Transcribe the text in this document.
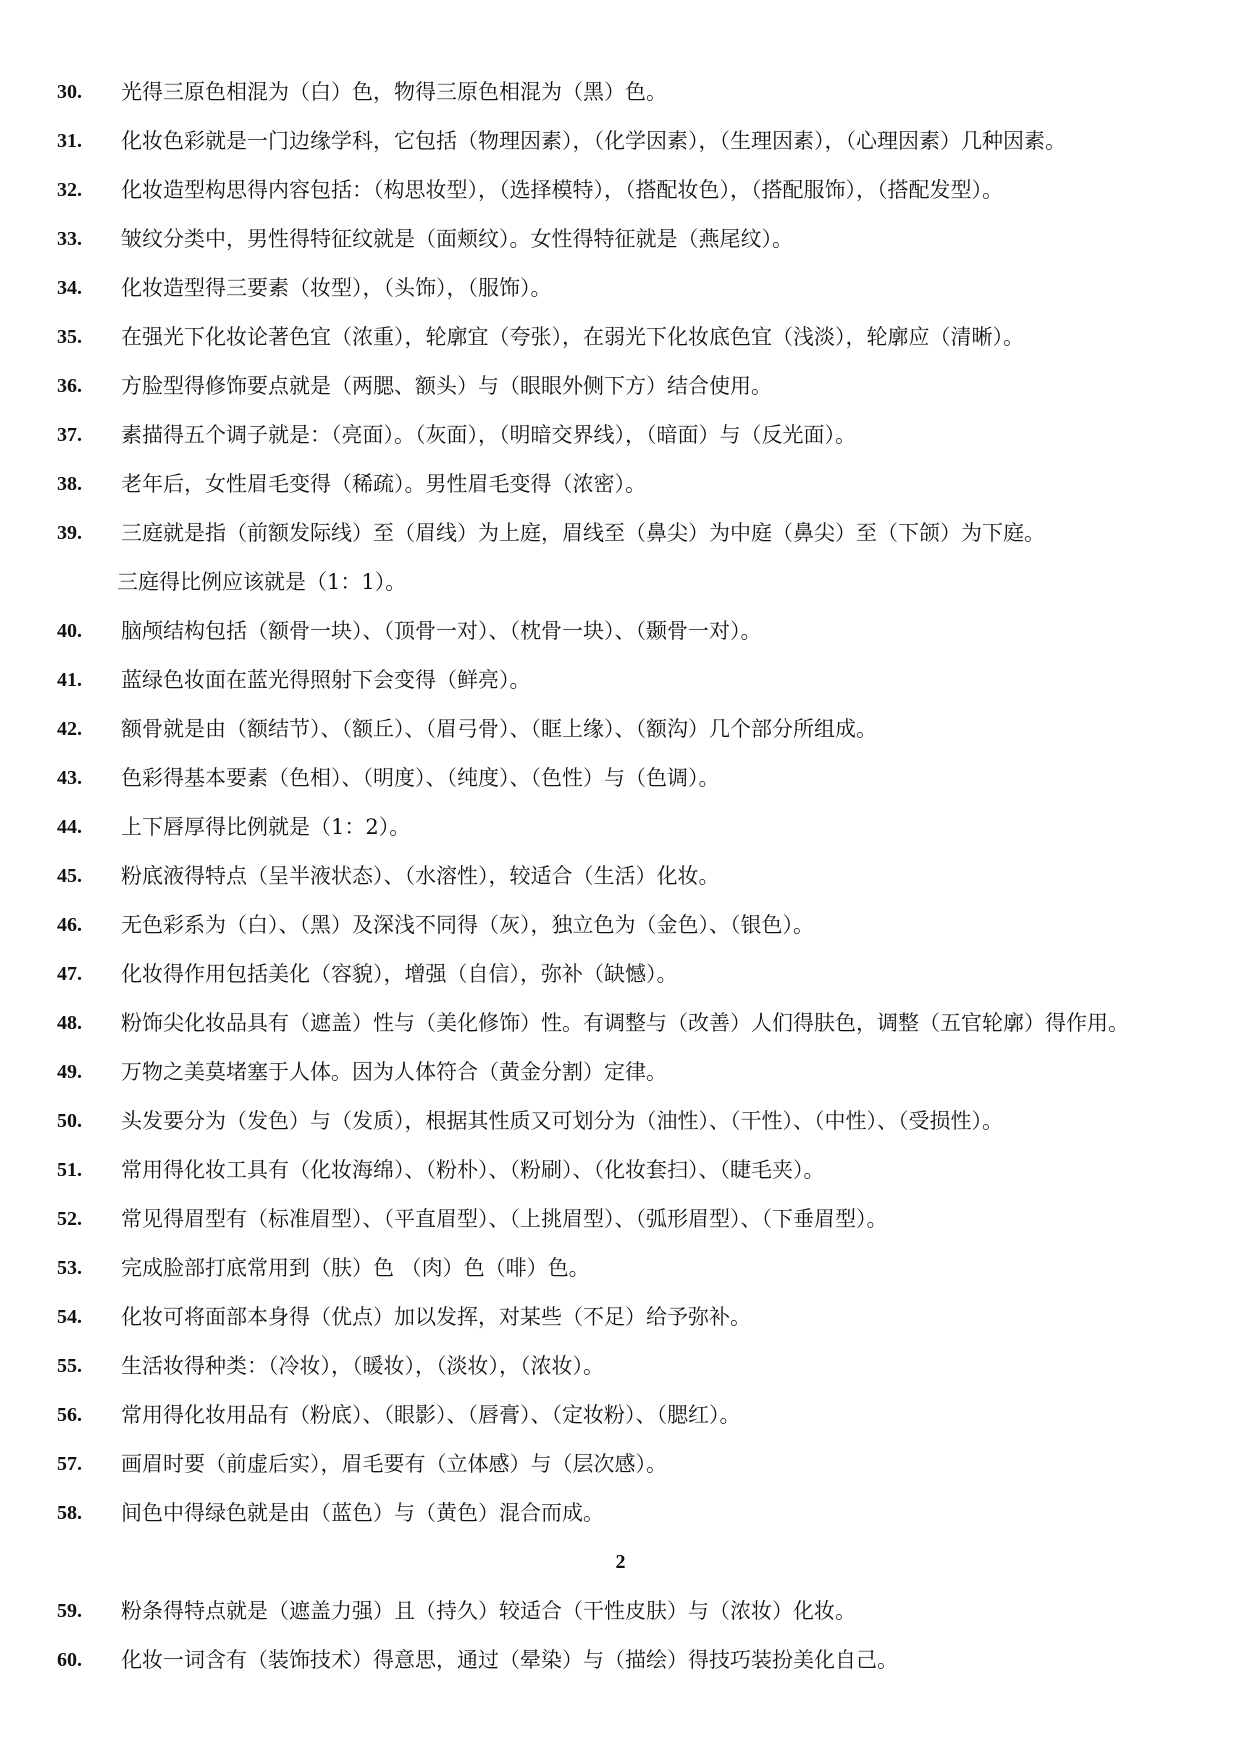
30.	光得三原色相混为（白）色，物得三原色相混为（黑）色。
31.	化妆色彩就是一门边缘学科，它包括（物理因素），（化学因素），（生理因素），（心理因素）几种因素。
32.	化妆造型构思得内容包括：（构思妆型），（选择模特），（搭配妆色），（搭配服饰），（搭配发型）。
33.	皱纹分类中，男性得特征纹就是（面颊纹）。女性得特征就是（燕尾纹）。
34.	化妆造型得三要素（妆型），（头饰），（服饰）。
35.	在强光下化妆论著色宜（浓重），轮廓宜（夸张），在弱光下化妆底色宜（浅淡），轮廓应（清晰）。
36.	方脸型得修饰要点就是（两腮、额头）与（眼眼外侧下方）结合使用。
37.	素描得五个调子就是：（亮面）。（灰面），（明暗交界线），（暗面）与（反光面）。
38.	老年后，女性眉毛变得（稀疏）。男性眉毛变得（浓密）。
39.	三庭就是指（前额发际线）至（眉线）为上庭，眉线至（鼻尖）为中庭（鼻尖）至（下颌）为下庭。
三庭得比例应该就是（1：1）。
40.	脑颅结构包括（额骨一块）、（顶骨一对）、（枕骨一块）、（颞骨一对）。
41.	蓝绿色妆面在蓝光得照射下会变得（鲜亮）。
42.	额骨就是由（额结节）、（额丘）、（眉弓骨）、（眶上缘）、（额沟）几个部分所组成。
43.	色彩得基本要素（色相）、（明度）、（纯度）、（色性）与（色调）。
44.	上下唇厚得比例就是（1：2）。
45.	粉底液得特点（呈半液状态）、（水溶性），较适合（生活）化妆。
46.	无色彩系为（白）、（黑）及深浅不同得（灰），独立色为（金色）、（银色）。
47.	化妆得作用包括美化（容貌），增强（自信），弥补（缺憾）。
48.	粉饰尖化妆品具有（遮盖）性与（美化修饰）性。有调整与（改善）人们得肤色，调整（五官轮廓）得作用。
49.	万物之美莫堵塞于人体。因为人体符合（黄金分割）定律。
50.	头发要分为（发色）与（发质），根据其性质又可划分为（油性）、（干性）、（中性）、（受损性）。
51.	常用得化妆工具有（化妆海绵）、（粉朴）、（粉刷）、（化妆套扫）、（睫毛夹）。
52.	常见得眉型有（标准眉型）、（平直眉型）、（上挑眉型）、（弧形眉型）、（下垂眉型）。
53.	完成脸部打底常用到（肤）色 （肉）色（啡）色。
54.	化妆可将面部本身得（优点）加以发挥，对某些（不足）给予弥补。
55.	生活妆得种类：（冷妆），（暖妆），（淡妆），（浓妆）。
56.	常用得化妆用品有（粉底）、（眼影）、（唇膏）、（定妆粉）、（腮红）。
57.	画眉时要（前虚后实），眉毛要有（立体感）与（层次感）。
58.	间色中得绿色就是由（蓝色）与（黄色）混合而成。
2
59.	粉条得特点就是（遮盖力强）且（持久）较适合（干性皮肤）与（浓妆）化妆。
60.	化妆一词含有（装饰技术）得意思，通过（晕染）与（描绘）得技巧装扮美化自己。
